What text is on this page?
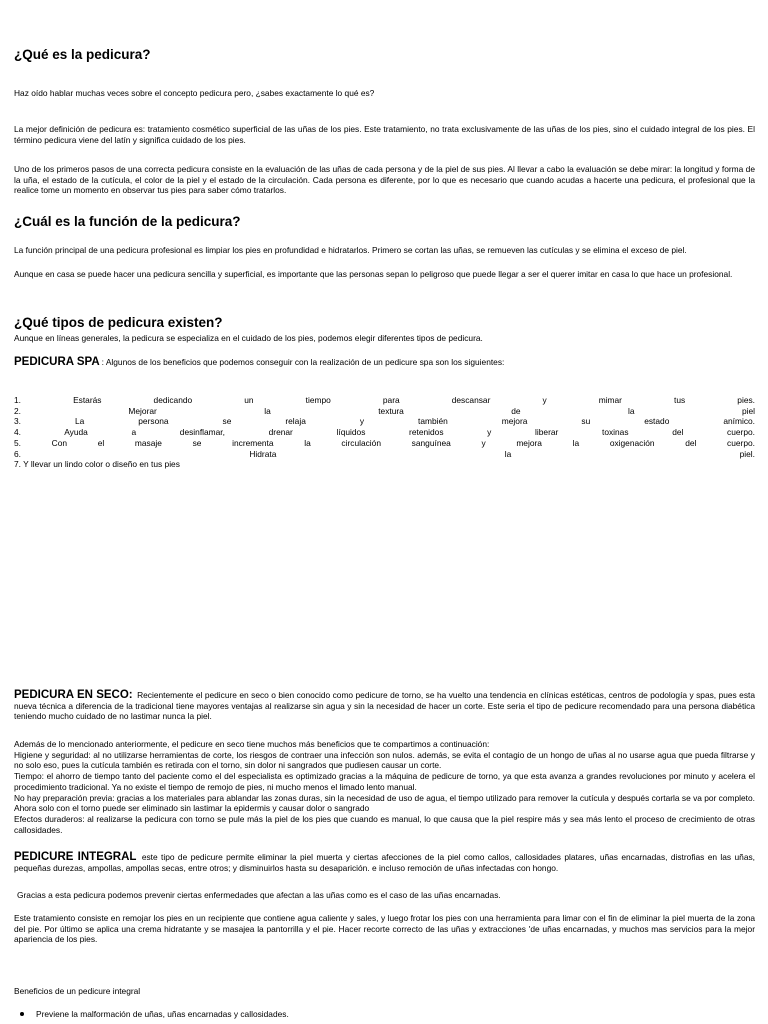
¿Qué es la pedicura?
Haz oído hablar muchas veces sobre el concepto pedicura pero, ¿sabes exactamente lo qué es?
La mejor definición de pedicura es: tratamiento cosmético superficial de las uñas de los pies. Este tratamiento, no trata exclusivamente de las uñas de los pies, sino el cuidado integral de los pies. El término pedicura viene del latín y significa cuidado de los pies.
Uno de los primeros pasos de una correcta pedicura consiste en la evaluación de las uñas de cada persona y de la piel de sus pies. Al llevar a cabo la evaluación se debe mirar: la longitud y forma de la uña, el estado de la cutícula, el color de la piel y el estado de la circulación. Cada persona es diferente, por lo que es necesario que cuando acudas a hacerte una pedicura, el profesional que la realice tome un momento en observar tus pies para saber cómo tratarlos.
¿Cuál es la función de la pedicura?
La función principal de una pedicura profesional es limpiar los pies en profundidad e hidratarlos. Primero se cortan las uñas, se remueven las cutículas y se elimina el exceso de piel.
Aunque en casa se puede hacer una pedicura sencilla y superficial, es importante que las personas sepan lo peligroso que puede llegar a ser el querer imitar en casa lo que hace un profesional.
¿Qué tipos de pedicura existen?
Aunque en líneas generales, la pedicura se especializa en el cuidado de los pies, podemos elegir diferentes tipos de pedicura.
PEDICURA SPA : Algunos de los beneficios que podemos conseguir con la realización de un pedicure spa son los siguientes:
1. Estarás dedicando un tiempo para descansar y mimar tus pies.
2. Mejorar la textura de la piel
3. La persona se relaja y también mejora su estado anímico.
4. Ayuda a desinflamar, drenar líquidos retenidos y liberar toxinas del cuerpo.
5. Con el masaje se incrementa la circulación sanguínea y mejora la oxigenación del cuerpo.
6. Hidrata la piel.
7. Y llevar un lindo color o diseño en tus pies
PEDICURA EN SECO: Recientemente el pedicure en seco o bien conocido como pedicure de torno, se ha vuelto una tendencia en clínicas estéticas, centros de podología y spas, pues esta nueva técnica a diferencia de la tradicional tiene mayores ventajas al realizarse sin agua y sin la necesidad de hacer un corte. Este seria el tipo de pedicure recomendado para una persona diabética teniendo mucho cuidado de no lastimar nunca la piel.
Además de lo mencionado anteriormente, el pedicure en seco tiene muchos más beneficios que te compartimos a continuación:
Higiene y seguridad: al no utilizarse herramientas de corte, los riesgos de contraer una infección son nulos. además, se evita el contagio de un hongo de uñas al no usarse agua que pueda filtrarse y no solo eso, pues la cutícula también es retirada con el torno, sin dolor ni sangrados que pudiesen causar un corte.
Tiempo: el ahorro de tiempo tanto del paciente como el del especialista es optimizado gracias a la máquina de pedicure de torno, ya que esta avanza a grandes revoluciones por minuto y acelera el procedimiento tradicional. Ya no existe el tiempo de remojo de pies, ni mucho menos el limado lento manual.
No hay preparación previa: gracias a los materiales para ablandar las zonas duras, sin la necesidad de uso de agua, el tiempo utilizado para remover la cutícula y después cortarla se va por completo. Ahora solo con el torno puede ser eliminado sin lastimar la epidermis y causar dolor o sangrado
Efectos duraderos: al realizarse la pedicura con torno se pule más la piel de los pies que cuando es manual, lo que causa que la piel respire más y sea más lento el proceso de crecimiento de otras callosidades.
PEDICURE INTEGRAL este tipo de pedicure permite eliminar la piel muerta y ciertas afecciones de la piel como callos, callosidades platares, uñas encarnadas, distrofias en las uñas, pequeñas durezas, ampollas, ampollas secas, entre otros; y disminuirlos hasta su desaparición. e incluso remoción de uñas infectadas con hongo.
Gracias a esta pedicura podemos prevenir ciertas enfermedades que afectan a las uñas como es el caso de las uñas encarnadas.
Este tratamiento consiste en remojar los pies en un recipiente que contiene agua caliente y sales, y luego frotar los pies con una herramienta para limar con el fin de eliminar la piel muerta de la zona del pie. Por último se aplica una crema hidratante y se masajea la pantorrilla y el pie. Hacer recorte correcto de las uñas y extracciones 'de uñas encarnadas, y muchos mas servicios para la mejor apariencia de los pies.
Beneficios de un pedicure integral
Previene la malformación de uñas, uñas encarnadas y callosidades.
